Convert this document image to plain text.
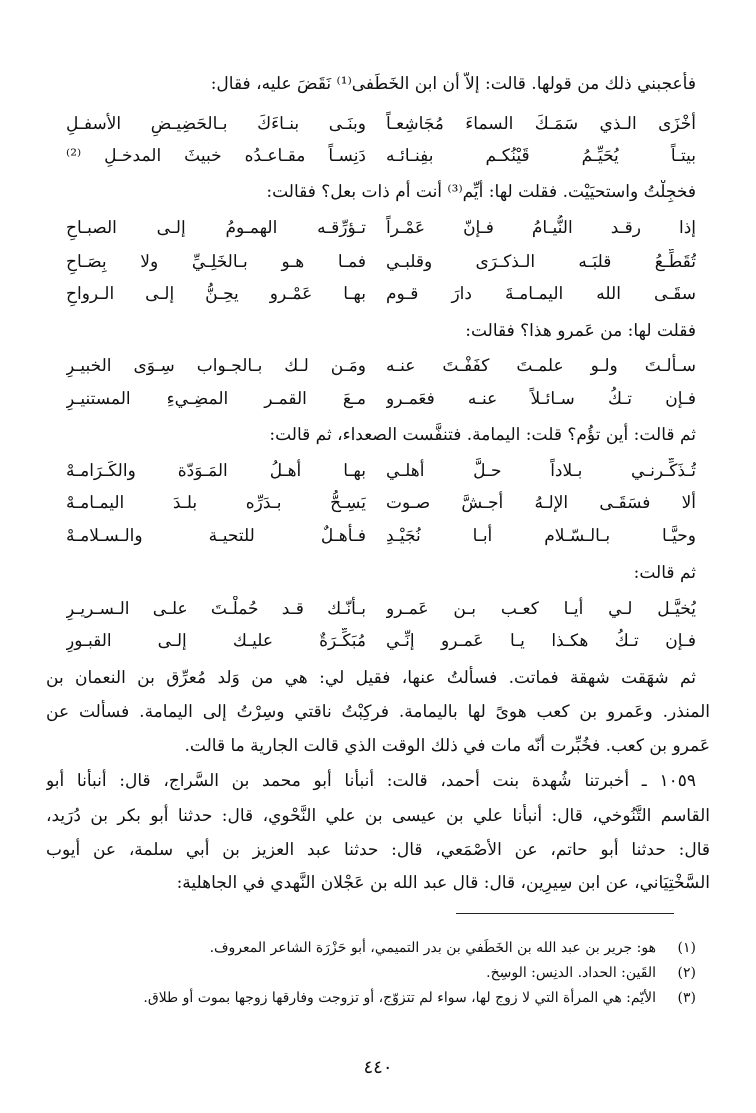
فأعجبني ذلك من قولها. قالت: إلاّ أن ابن الخَطَفى⁽¹⁾ نَقَضَ عليه، فقال:
أخْزَى الـذي سَمَـكَ السماءَ مُجَاشِعـاً
وبنَـى بنـاءَكَ بـالحَضِيـضِ الأسفـلِ
بيتـاً يُحَيِّـمُ قَيْنُكـم بفِنـائـه
دَنِسـاً مقـاعـدُه خبيثَ المدخـلِ ⁽²⁾
فخجِلْتُ واستحيَيْت. فقلت لها: أيِّم⁽³⁾ أنت أم ذات بعل؟ فقالت:
إذا رقـد النُّيـامُ فـإنّ عَمْـراً
تـؤرِّقـه الهمـومُ إلـى الصبـاحِ
تُقَطِّـعُ قلبَـه الـذكـرَى وقلبـي
فمـا هـو بـالخَلِـيِّ ولا بِصَـاحِ
سقَـى الله اليمـامـةَ دارَ قـوم
بهـا عَمْـرو يحِـنُّ إلـى الـرواحِ
فقلت لها: من عَمرو هذا؟ فقالت:
سـألـتَ ولـو علمـتَ كفَفْـتَ عنـه
ومَـن لـك بـالجـواب سِـوَى الخبيـرِ
فـإن تـكُ سـائـلاً عنـه فعَمـرو
مـعَ القمـر المضِـيءِ المستنيـرِ
ثم قالت: أين تؤُم؟ قلت: اليمامة. فتنفَّست الصعداء، ثم قالت:
تُـذَكِّـرنـي بـلاداً حـلَّ أهلـي
بهـا أهـلُ المَـوَدّة والكَـرَامـهْ
ألا فسَقَـى الإلـهُ أجـشَّ صـوت
يَسِـحُّ بـدَرِّه بلـدَ اليمـامـهْ
وحيَّـا بـالـسّـلام أبـا نُجَيْـدِ
فـأهـلٌ للتحيـة والـسـلامـهْ
ثم قالت:
يُخيَّـل لـي أيـا كعـب بـن عَمـرو
بـأنّـك قـد حُملْـتَ علـى الـسـريـرِ
فـإن تـكُ هكـذا يـا عَمـرو إنِّـي
مُبَكِّـرَةٌ عليـك إلـى القبـورِ
ثم شهَقت شهقة فماتت. فسألتُ عنها، فقيل لي: هي من وَلد مُعرِّق بن النعمان بن
المنذر. وعَمرو بن كعب هوىً لها باليمامة. فركِبْتُ ناقتي وسِرْتُ إلى اليمامة. فسألت عن
عَمرو بن كعب. فخُبِّرت أنّه مات في ذلك الوقت الذي قالت الجارية ما قالت.
١٠٥٩ ـ أخبرتنا شُهدة بنت أحمد، قالت: أنبأنا أبو محمد بن السَّراج، قال: أنبأنا أبو
القاسم التَّنُوخي، قال: أنبأنا علي بن عيسى بن علي النَّحْوي، قال: حدثنا أبو بكر بن دُرَيد،
قال: حدثنا أبو حاتم، عن الأَصْمَعي، قال: حدثنا عبد العزيز بن أبي سلمة، عن أيوب
السَّخْتِيَاني، عن ابن سِيرِين، قال: قال عبد الله بن عَجْلان النَّهدي في الجاهلية:
(١)هو: جرير بن عبد الله بن الخَطَفي بن بدر التميمي، أبو حَزْرَة الشاعر المعروف.
(٢)القَين: الحداد. الدنِس: الوسِخ.
(٣)الأيّم: هي المرأة التي لا زوج لها، سواء لم تتزوّج، أو تزوجت وفارقها زوجها بموت أو طلاق.
٤٤٠
